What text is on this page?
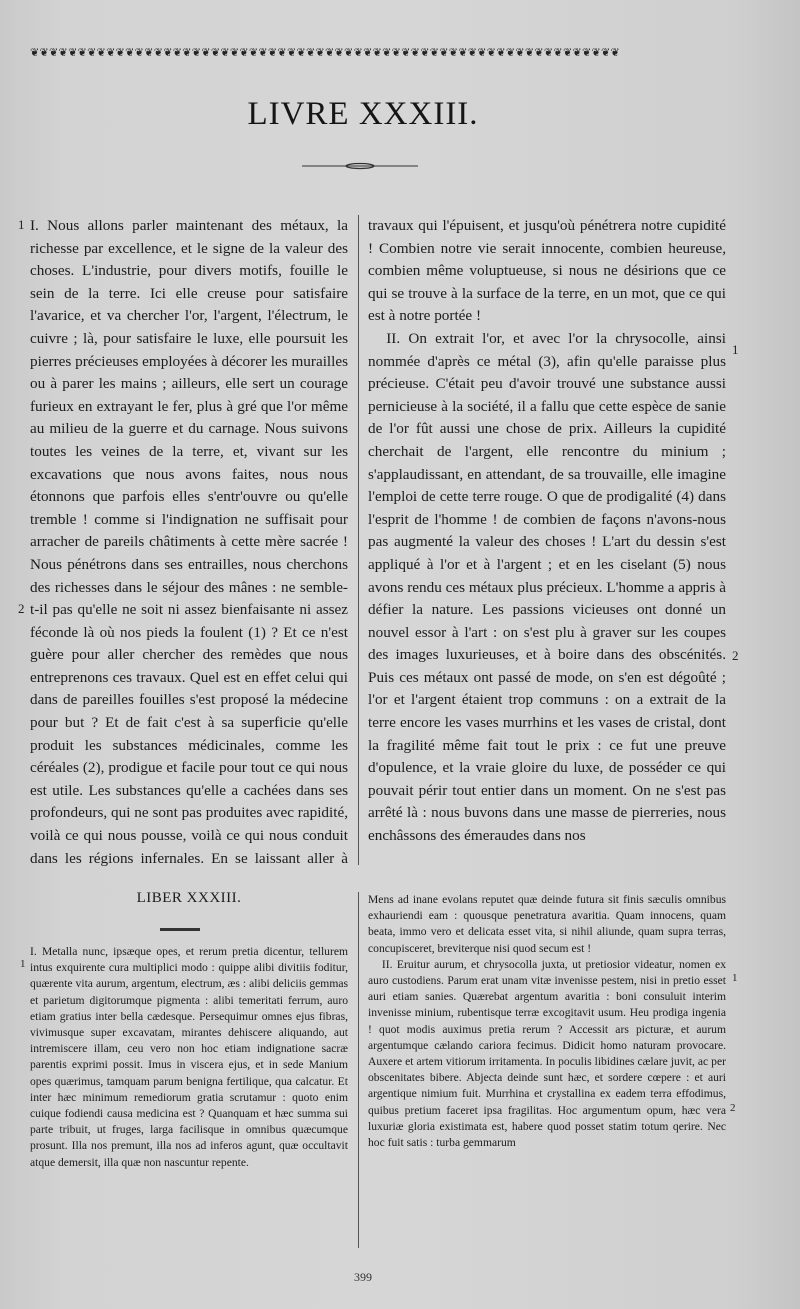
❦❦❦❦❦❦❦❦❦❦❦❦❦❦❦❦❦❦❦❦❦❦❦❦❦❦❦❦❦❦❦❦❦❦❦❦❦❦❦❦❦❦❦❦❦❦❦❦❦❦❦❦❦❦❦❦❦❦❦❦❦❦
LIVRE XXXIII.

I. Nous allons parler maintenant des métaux, la richesse par excellence, et le signe de la valeur des choses. L'industrie, pour divers motifs, fouille le sein de la terre. Ici elle creuse pour satisfaire l'avarice, et va chercher l'or, l'argent, l'électrum, le cuivre ; là, pour satisfaire le luxe, elle poursuit les pierres précieuses employées à décorer les murailles ou à parer les mains ; ailleurs, elle sert un courage furieux en extrayant le fer, plus à gré que l'or même au milieu de la guerre et du carnage. Nous suivons toutes les veines de la terre, et, vivant sur les excavations que nous avons faites, nous nous étonnons que parfois elles s'entr'ouvre ou qu'elle tremble ! comme si l'indignation ne suffisait pour arracher de pareils châtiments à cette mère sacrée ! Nous pénétrons dans ses entrailles, nous cherchons des richesses dans le séjour des mânes : ne semble-t-il pas qu'elle ne soit ni assez bienfaisante ni assez féconde là où nos pieds la foulent (1) ? Et ce n'est guère pour aller chercher des remèdes que nous entreprenons ces travaux. Quel est en effet celui qui dans de pareilles fouilles s'est proposé la médecine pour but ? Et de fait c'est à sa superficie qu'elle produit les substances médicinales, comme les céréales (2), prodigue et facile pour tout ce qui nous est utile. Les substances qu'elle a cachées dans ses profondeurs, qui ne sont pas produites avec rapidité, voilà ce qui nous pousse, voilà ce qui nous conduit dans les régions infernales. En se laissant aller à

travaux qui l'épuisent, et jusqu'où pénétrera notre cupidité ! Combien notre vie serait innocente, combien heureuse, combien même voluptueuse, si nous ne désirions que ce qui se trouve à la surface de la terre, en un mot, que ce qui est à notre portée !

II. On extrait l'or, et avec l'or la chrysocolle, ainsi nommée d'après ce métal (3), afin qu'elle paraisse plus précieuse. C'était peu d'avoir trouvé une substance aussi pernicieuse à la société, il a fallu que cette espèce de sanie de l'or fût aussi une chose de prix. Ailleurs la cupidité cherchait de l'argent, elle rencontre du minium ; s'applaudissant, en attendant, de sa trouvaille, elle imagine l'emploi de cette terre rouge. O que de prodigalité (4) dans l'esprit de l'homme ! de combien de façons n'avons-nous pas augmenté la valeur des choses ! L'art du dessin s'est appliqué à l'or et à l'argent ; et en les ciselant (5) nous avons rendu ces métaux plus précieux. L'homme a appris à défier la nature. Les passions vicieuses ont donné un nouvel essor à l'art : on s'est plu à graver sur les coupes des images luxurieuses, et à boire dans des obscénités. Puis ces métaux ont passé de mode, on s'en est dégoûté ; l'or et l'argent étaient trop communs : on a extrait de la terre encore les vases murrhins et les vases de cristal, dont la fragilité même fait tout le prix : ce fut une preuve d'opulence, et la vraie gloire du luxe, de posséder ce qui pouvait périr tout entier dans un moment. On ne s'est pas arrêté là : nous buvons dans une masse de pierreries, nous enchâssons des émeraudes dans nos

1
2
1
2
LIBER XXXIII.

I. Metalla nunc, ipsæque opes, et rerum pretia dicentur, tellurem intus exquirente cura multiplici modo : quippe alibi divitiis foditur, quærente vita aurum, argentum, electrum, æs : alibi deliciis gemmas et parietum digitorumque pigmenta : alibi temeritati ferrum, auro etiam gratius inter bella cædesque. Persequimur omnes ejus fibras, vivimusque super excavatam, mirantes dehiscere aliquando, aut intremiscere illam, ceu vero non hoc etiam indignatione sacræ parentis exprimi possit. Imus in viscera ejus, et in sede Manium opes quærimus, tamquam parum benigna fertilique, qua calcatur. Et inter hæc minimum remediorum gratia scrutamur : quoto enim cuique fodiendi causa medicina est ? Quanquam et hæc summa sui parte tribuit, ut fruges, larga facilisque in omnibus quæcumque prosunt. Illa nos premunt, illa nos ad inferos agunt, quæ occultavit atque demersit, illa quæ non nascuntur repente.

Mens ad inane evolans reputet quæ deinde futura sit finis sæculis omnibus exhauriendi eam : quousque penetratura avaritia. Quam innocens, quam beata, immo vero et delicata esset vita, si nihil aliunde, quam supra terras, concupisceret, breviterque nisi quod secum est !

II. Eruitur aurum, et chrysocolla juxta, ut pretiosior videatur, nomen ex auro custodiens. Parum erat unam vitæ invenisse pestem, nisi in pretio esset auri etiam sanies. Quærebat argentum avaritia : boni consuluit interim invenisse minium, rubentisque terræ excogitavit usum. Heu prodiga ingenia ! quot modis auximus pretia rerum ? Accessit ars picturæ, et aurum argentumque cælando cariora fecimus. Didicit homo naturam provocare. Auxere et artem vitiorum irritamenta. In poculis libidines cælare juvit, ac per obscenitates bibere. Abjecta deinde sunt hæc, et sordere cœpere : et auri argentique nimium fuit. Murrhina et crystallina ex eadem terra effodimus, quibus pretium faceret ipsa fragilitas. Hoc argumentum opum, hæc vera luxuriæ gloria existimata est, habere quod posset statim totum qerire. Nec hoc fuit satis : turba gemmarum

1
1
2
399
